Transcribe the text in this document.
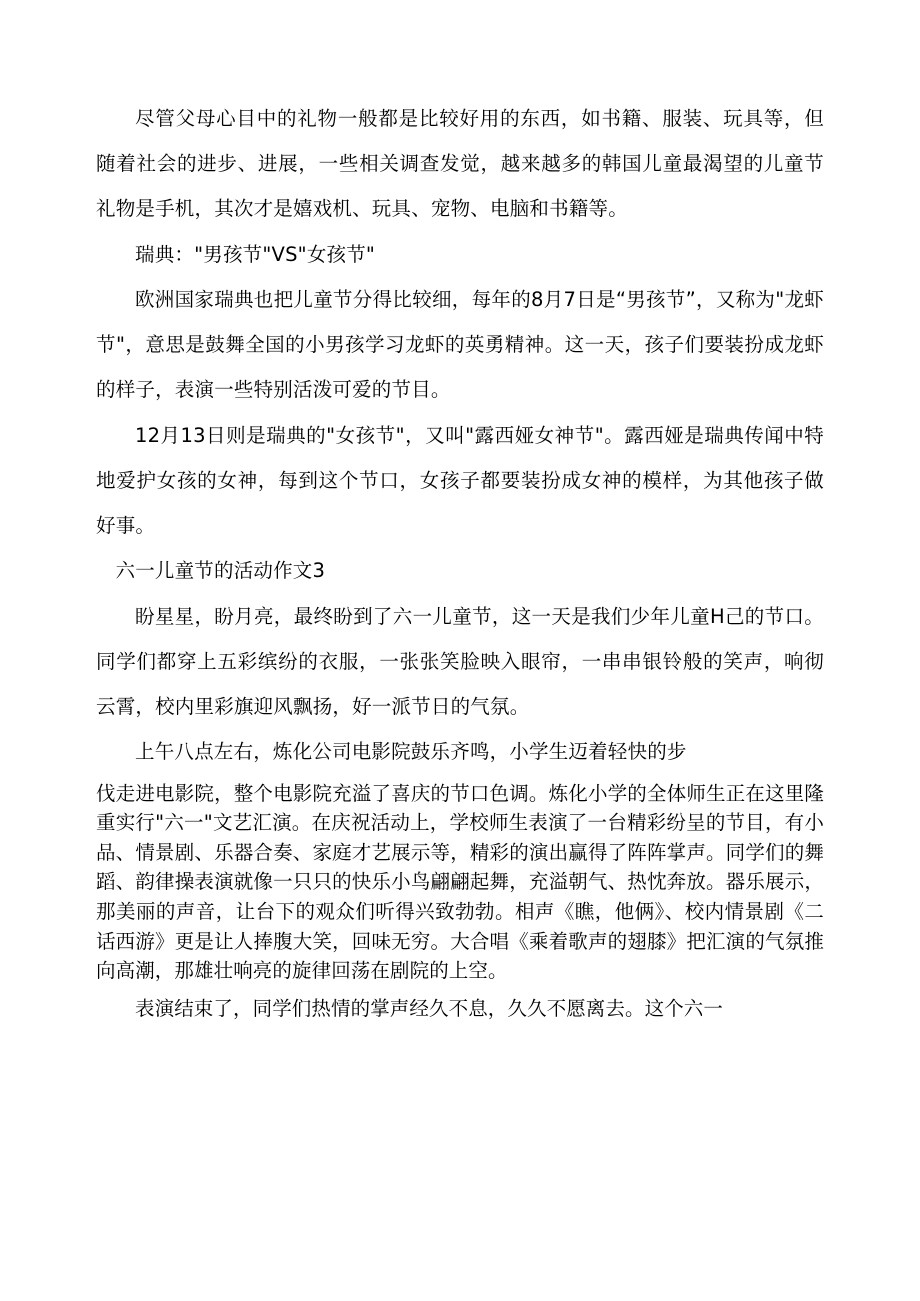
尽管父母心目中的礼物一般都是比较好用的东西，如书籍、服装、玩具等，但随着社会的进步、进展，一些相关调查发觉，越来越多的韩国儿童最渴望的儿童节礼物是手机，其次才是嬉戏机、玩具、宠物、电脑和书籍等。

瑞典："男孩节"VS"女孩节"

欧洲国家瑞典也把儿童节分得比较细，每年的8月7日是“男孩节”，又称为"龙虾节"，意思是鼓舞全国的小男孩学习龙虾的英勇精神。这一天，孩子们要装扮成龙虾的样子，表演一些特别活泼可爱的节目。

12月13日则是瑞典的"女孩节"，又叫"露西娅女神节"。露西娅是瑞典传闻中特地爱护女孩的女神，每到这个节口，女孩子都要装扮成女神的模样，为其他孩子做好事。

六一儿童节的活动作文3

盼星星，盼月亮，最终盼到了六一儿童节，这一天是我们少年儿童H己的节口。同学们都穿上五彩缤纷的衣服，一张张笑脸映入眼帘，一串串银铃般的笑声，响彻云霄，校内里彩旗迎风飘扬，好一派节日的气氛。

上午八点左右，炼化公司电影院鼓乐齐鸣，小学生迈着轻快的步

伐走进电影院，整个电影院充溢了喜庆的节口色调。炼化小学的全体师生正在这里隆重实行"六一"文艺汇演。在庆祝活动上，学校师生表演了一台精彩纷呈的节目，有小品、情景剧、乐器合奏、家庭才艺展示等，精彩的演出赢得了阵阵掌声。同学们的舞蹈、韵律操表演就像一只只的快乐小鸟翩翩起舞，充溢朝气、热忱奔放。器乐展示，那美丽的声音，让台下的观众们听得兴致勃勃。相声《瞧，他俩》、校内情景剧《二话西游》更是让人捧腹大笑，回味无穷。大合唱《乘着歌声的翅膝》把汇演的气氛推向高潮，那雄壮响亮的旋律回荡在剧院的上空。

表演结束了，同学们热情的掌声经久不息，久久不愿离去。这个六一
